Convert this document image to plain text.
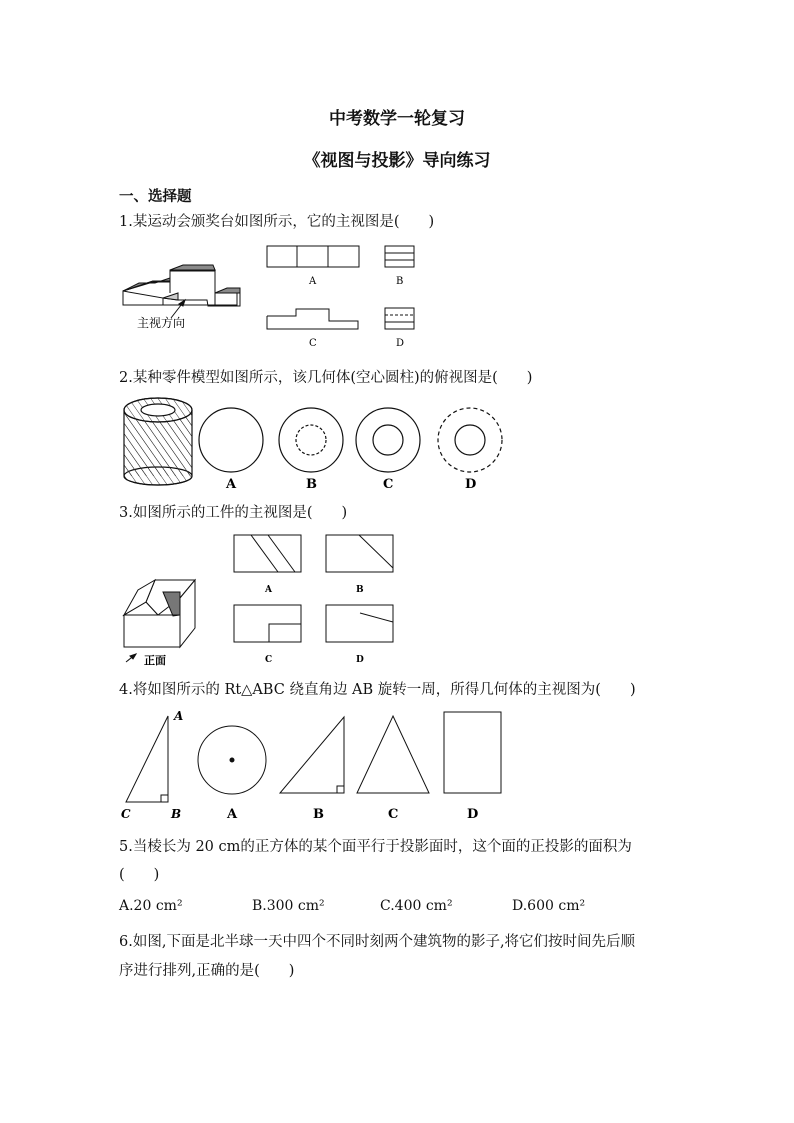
中考数学一轮复习
《视图与投影》导向练习
一、选择题
1.某运动会颁奖台如图所示，它的主视图是(　　)
主视方向
A	B
C	D
2.某种零件模型如图所示，该几何体(空心圆柱)的俯视图是(　　)
A	B	C	D
3.如图所示的工件的主视图是(　　)
正面
A	B
C	D
4.将如图所示的 Rt△ABC 绕直角边 AB 旋转一周，所得几何体的主视图为(　　)
A
B
C	A	B	C	D
5.当棱长为 20 cm的正方体的某个面平行于投影面时，这个面的正投影的面积为
(　　)
A.20 cm²	B.300 cm²	C.400 cm²	D.600 cm²
6.如图,下面是北半球一天中四个不同时刻两个建筑物的影子,将它们按时间先后顺
序进行排列,正确的是(　　)
